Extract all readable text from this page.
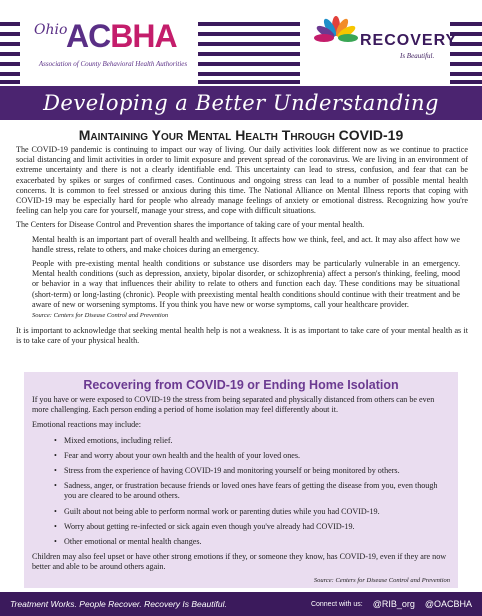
Ohio
ACBHA
Association of County Behavioral Health Authorities
RECOVERY
Is Beautiful.
Developing a Better Understanding
Maintaining Your Mental Health Through COVID-19

The COVID-19 pandemic is continuing to impact our way of living. Our daily activities look different now as we continue to practice social distancing and limit activities in order to limit exposure and prevent spread of the coronavirus. We are living in an environment of extreme uncertainty and there is not a clearly identifiable end. This uncertainty can lead to stress, confusion, and fear that can be exacerbated by spikes or surges of confirmed cases. Continuous and ongoing stress can lead to a number of possible mental health concerns. It is common to feel stressed or anxious during this time. The National Alliance on Mental Illness reports that coping with COVID-19 may be especially hard for people who already manage feelings of anxiety or emotional distress. Recognizing how you're feeling can help you care for yourself, manage your stress, and cope with difficult situations.

The Centers for Disease Control and Prevention shares the importance of taking care of your mental health.

Mental health is an important part of overall health and wellbeing. It affects how we think, feel, and act. It may also affect how we handle stress, relate to others, and make choices during an emergency.

People with pre-existing mental health conditions or substance use disorders may be particularly vulnerable in an emergency. Mental health conditions (such as depression, anxiety, bipolar disorder, or schizophrenia) affect a person's thinking, feeling, mood or behavior in a way that influences their ability to relate to others and function each day. These conditions may be situational (short-term) or long-lasting (chronic). People with preexisting mental health conditions should continue with their treatment and be aware of new or worsening symptoms. If you think you have new or worse symptoms, call your healthcare provider.

Source: Centers for Disease Control and Prevention

It is important to acknowledge that seeking mental health help is not a weakness. It is as important to take care of your mental health as it is to take care of your physical health.

Recovering from COVID-19 or Ending Home Isolation

If you have or were exposed to COVID-19 the stress from being separated and physically distanced from others can be even more challenging. Each person ending a period of home isolation may feel differently about it.

Emotional reactions may include:

• Mixed emotions, including relief.
• Fear and worry about your own health and the health of your loved ones.
• Stress from the experience of having COVID-19 and monitoring yourself or being monitored by others.
• Sadness, anger, or frustration because friends or loved ones have fears of getting the disease from you, even though you are cleared to be around others.
• Guilt about not being able to perform normal work or parenting duties while you had COVID-19.
• Worry about getting re-infected or sick again even though you've already had COVID-19.
• Other emotional or mental health changes.

Children may also feel upset or have other strong emotions if they, or someone they know, has COVID-19, even if they are now better and able to be around others again.

Source: Centers for Disease Control and Prevention
Treatment Works. People Recover. Recovery Is Beautiful.	Connect with us: @RIB_org @OACBHA
